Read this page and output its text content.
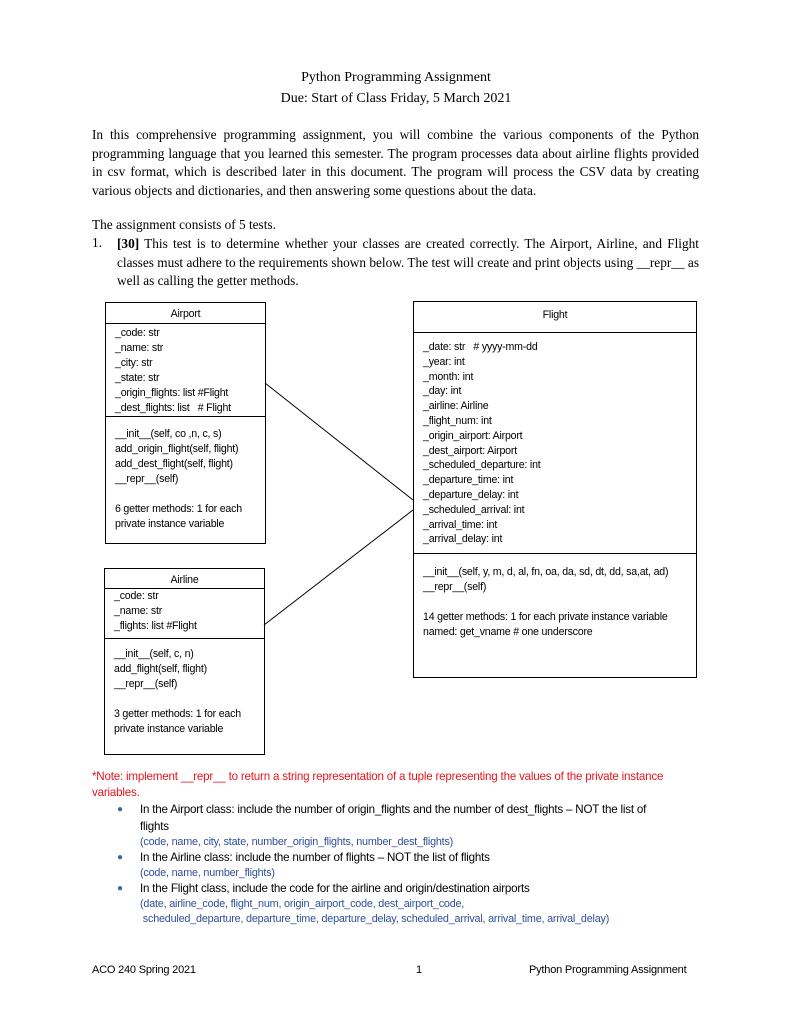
Python Programming Assignment
Due: Start of Class Friday, 5 March 2021
In this comprehensive programming assignment, you will combine the various components of the Python programming language that you learned this semester. The program processes data about airline flights provided in csv format, which is described later in this document. The program will process the CSV data by creating various objects and dictionaries, and then answering some questions about the data.
The assignment consists of 5 tests.
1. [30] This test is to determine whether your classes are created correctly. The Airport, Airline, and Flight classes must adhere to the requirements shown below. The test will create and print objects using __repr__ as well as calling the getter methods.
Airport
_code: str
_name: str
_city: str
_state: str
_origin_flights: list #Flight
_dest_flights: list   # Flight
__init__(self, co ,n, c, s)
add_origin_flight(self, flight)
add_dest_flight(self, flight)
__repr__(self)
6 getter methods: 1 for each
private instance variable
Airline
_code: str
_name: str
_flights: list #Flight
__init__(self, c, n)
add_flight(self, flight)
__repr__(self)
3 getter methods: 1 for each
private instance variable
Flight
_date: str   # yyyy-mm-dd
_year: int
_month: int
_day: int
_airline: Airline
_flight_num: int
_origin_airport: Airport
_dest_airport: Airport
_scheduled_departure: int
_departure_time: int
_departure_delay: int
_scheduled_arrival: int
_arrival_time: int
_arrival_delay: int
__init__(self, y, m, d, al, fn, oa, da, sd, dt, dd, sa,at, ad)
__repr__(self)
14 getter methods: 1 for each private instance variable
named: get_vname # one underscore
*Note: implement __repr__ to return a string representation of a tuple representing the values of the private instance
variables.
● In the Airport class: include the number of origin_flights and the number of dest_flights – NOT the list of
flights
(code, name, city, state, number_origin_flights, number_dest_flights)
● In the Airline class: include the number of flights – NOT the list of flights
(code, name, number_flights)
● In the Flight class, include the code for the airline and origin/destination airports
(date, airline_code, flight_num, origin_airport_code, dest_airport_code,
scheduled_departure, departure_time, departure_delay, scheduled_arrival, arrival_time, arrival_delay)
ACO 240 Spring 2021	1	Python Programming Assignment
